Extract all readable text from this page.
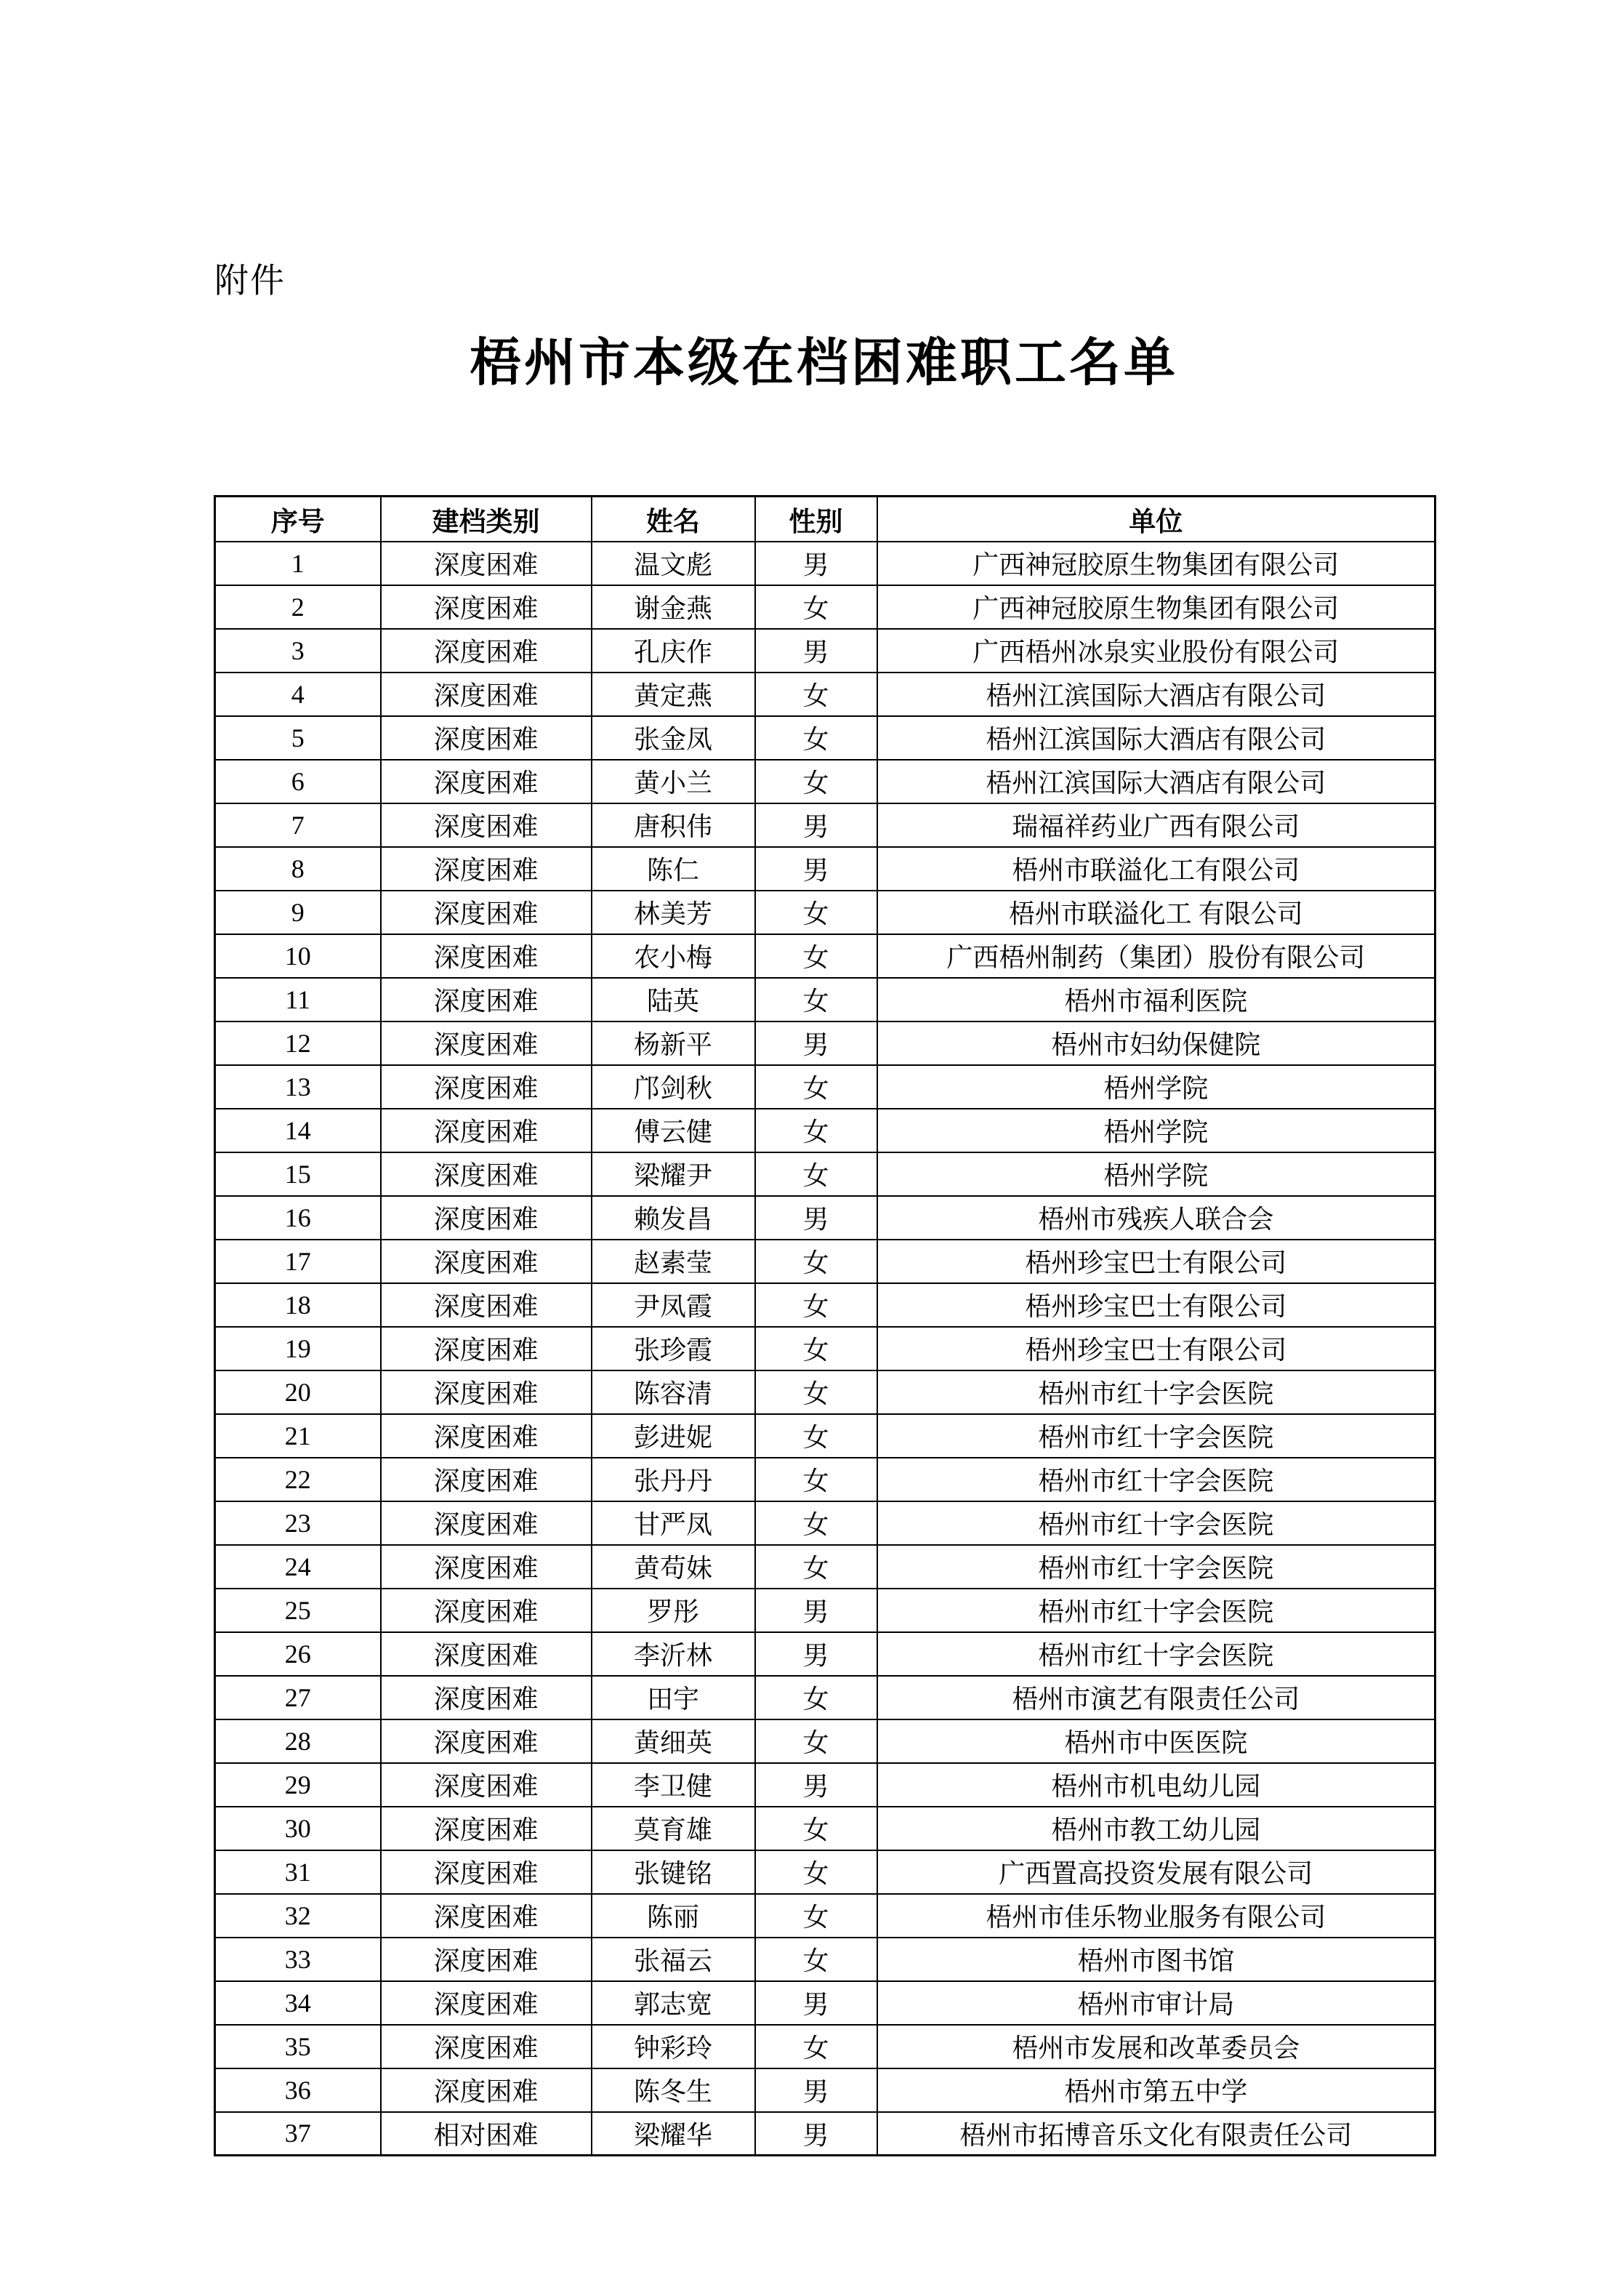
附件
梧州市本级在档困难职工名单
序号	建档类别	姓名	性别	单位
1	深度困难	温文彪	男	广西神冠胶原生物集团有限公司
2	深度困难	谢金燕	女	广西神冠胶原生物集团有限公司
3	深度困难	孔庆作	男	广西梧州冰泉实业股份有限公司
4	深度困难	黄定燕	女	梧州江滨国际大酒店有限公司
5	深度困难	张金凤	女	梧州江滨国际大酒店有限公司
6	深度困难	黄小兰	女	梧州江滨国际大酒店有限公司
7	深度困难	唐积伟	男	瑞福祥药业广西有限公司
8	深度困难	陈仁	男	梧州市联溢化工有限公司
9	深度困难	林美芳	女	梧州市联溢化工 有限公司
10	深度困难	农小梅	女	广西梧州制药（集团）股份有限公司
11	深度困难	陆英	女	梧州市福利医院
12	深度困难	杨新平	男	梧州市妇幼保健院
13	深度困难	邝剑秋	女	梧州学院
14	深度困难	傅云健	女	梧州学院
15	深度困难	梁耀尹	女	梧州学院
16	深度困难	赖发昌	男	梧州市残疾人联合会
17	深度困难	赵素莹	女	梧州珍宝巴士有限公司
18	深度困难	尹凤霞	女	梧州珍宝巴士有限公司
19	深度困难	张珍霞	女	梧州珍宝巴士有限公司
20	深度困难	陈容清	女	梧州市红十字会医院
21	深度困难	彭进妮	女	梧州市红十字会医院
22	深度困难	张丹丹	女	梧州市红十字会医院
23	深度困难	甘严凤	女	梧州市红十字会医院
24	深度困难	黄苟妹	女	梧州市红十字会医院
25	深度困难	罗彤	男	梧州市红十字会医院
26	深度困难	李沂林	男	梧州市红十字会医院
27	深度困难	田宇	女	梧州市演艺有限责任公司
28	深度困难	黄细英	女	梧州市中医医院
29	深度困难	李卫健	男	梧州市机电幼儿园
30	深度困难	莫育雄	女	梧州市教工幼儿园
31	深度困难	张键铭	女	广西置高投资发展有限公司
32	深度困难	陈丽	女	梧州市佳乐物业服务有限公司
33	深度困难	张福云	女	梧州市图书馆
34	深度困难	郭志宽	男	梧州市审计局
35	深度困难	钟彩玲	女	梧州市发展和改革委员会
36	深度困难	陈冬生	男	梧州市第五中学
37	相对困难	梁耀华	男	梧州市拓博音乐文化有限责任公司
